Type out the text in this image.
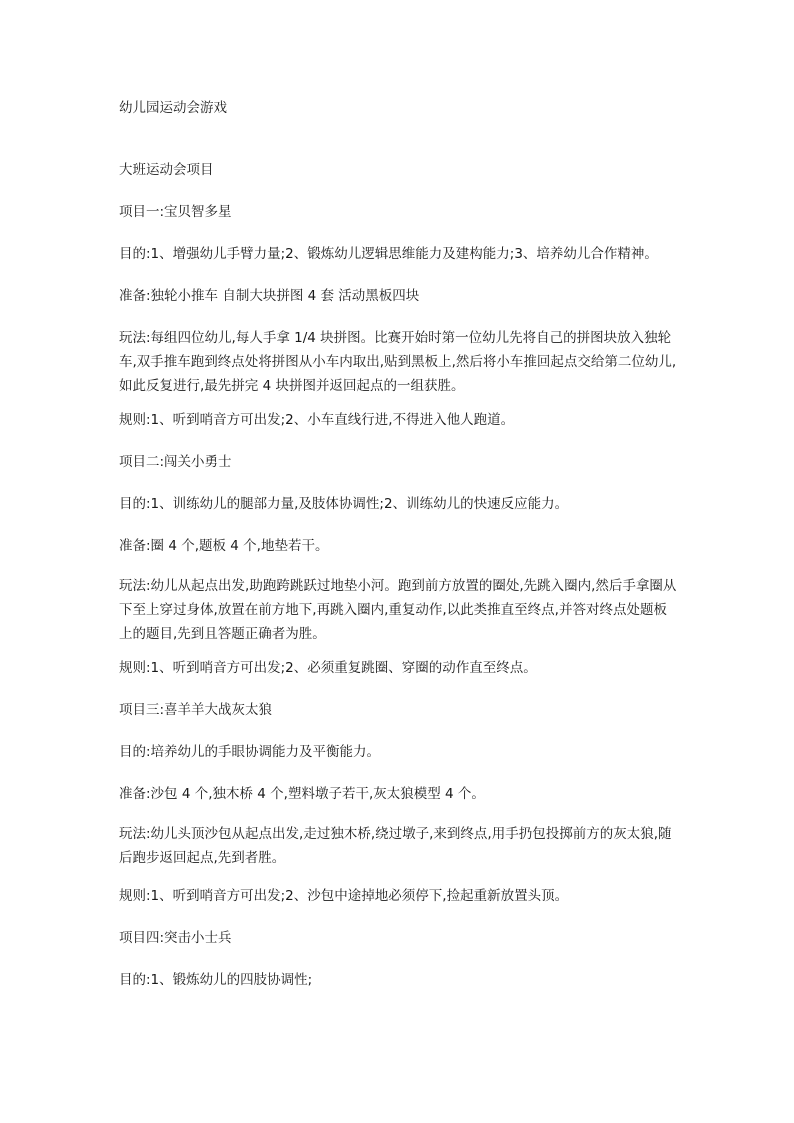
幼儿园运动会游戏
大班运动会项目
项目一:宝贝智多星
目的:1、增强幼儿手臂力量;2、锻炼幼儿逻辑思维能力及建构能力;3、培养幼儿合作精神。
准备:独轮小推车 自制大块拼图 4 套 活动黑板四块
玩法:每组四位幼儿,每人手拿 1/4 块拼图。比赛开始时第一位幼儿先将自己的拼图块放入独轮车,双手推车跑到终点处将拼图从小车内取出,贴到黑板上,然后将小车推回起点交给第二位幼儿,如此反复进行,最先拼完 4 块拼图并返回起点的一组获胜。
规则:1、听到哨音方可出发;2、小车直线行进,不得进入他人跑道。
项目二:闯关小勇士
目的:1、训练幼儿的腿部力量,及肢体协调性;2、训练幼儿的快速反应能力。
准备:圈 4 个,题板 4 个,地垫若干。
玩法:幼儿从起点出发,助跑跨跳跃过地垫小河。跑到前方放置的圈处,先跳入圈内,然后手拿圈从下至上穿过身体,放置在前方地下,再跳入圈内,重复动作,以此类推直至终点,并答对终点处题板上的题目,先到且答题正确者为胜。
规则:1、听到哨音方可出发;2、必须重复跳圈、穿圈的动作直至终点。
项目三:喜羊羊大战灰太狼
目的:培养幼儿的手眼协调能力及平衡能力。
准备:沙包 4 个,独木桥 4 个,塑料墩子若干,灰太狼模型 4 个。
玩法:幼儿头顶沙包从起点出发,走过独木桥,绕过墩子,来到终点,用手扔包投掷前方的灰太狼,随后跑步返回起点,先到者胜。
规则:1、听到哨音方可出发;2、沙包中途掉地必须停下,捡起重新放置头顶。
项目四:突击小士兵
目的:1、锻炼幼儿的四肢协调性;
